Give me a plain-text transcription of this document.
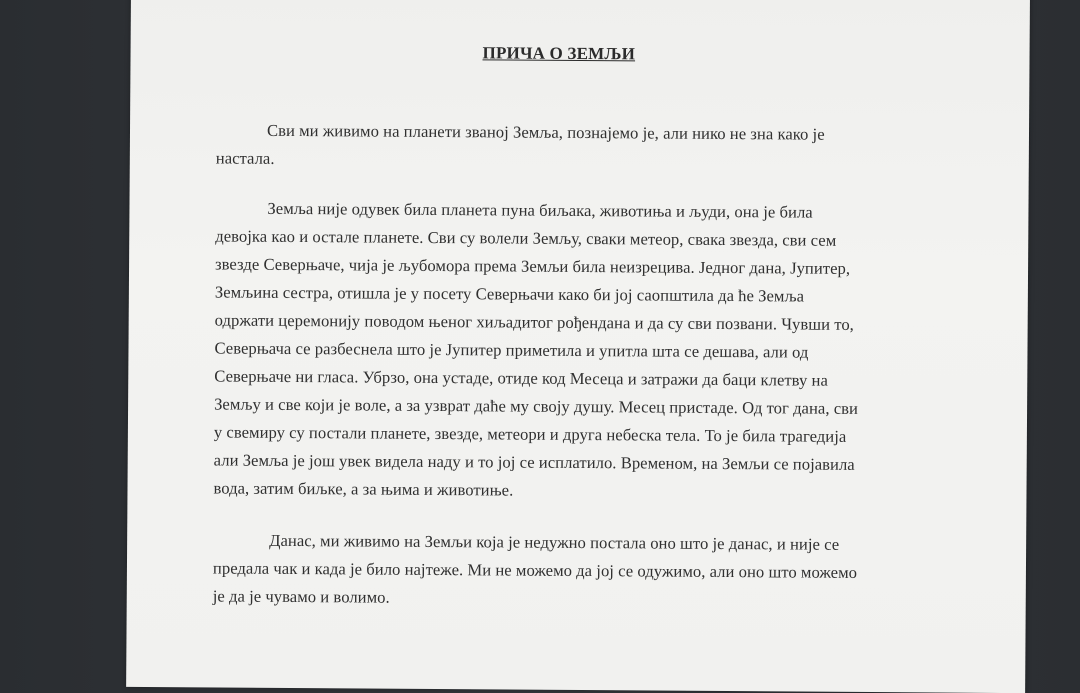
ПРИЧА О ЗЕМЉИ
Сви ми живимо на планети званој Земља, познајемо је, али нико не зна како је
настала.
Земља није одувек била планета пуна биљака, животиња и људи, она је била
девојка као и остале планете. Сви су волели Земљу, сваки метеор, свака звезда, сви сем
звезде Северњаче, чија је љубомора према Земљи била неизрецива. Једног дана, Јупитер,
Земљина сестра, отишла је у посету Северњачи како би јој саопштила да ће Земља
одржати церемонију поводом њеног хиљадитог рођендана и да су сви позвани. Чувши то,
Северњача се разбеснела што је Јупитер приметила и упитла шта се дешава, али од
Северњаче ни гласа. Убрзо, она устаде, отиде код Месеца и затражи да баци клетву на
Земљу и све који је воле, а за узврат даће му своју душу. Месец пристаде. Од тог дана, сви
у свемиру су постали планете, звезде, метеори и друга небеска тела. То је била трагедија
али Земља је још увек видела наду и то јој се исплатило. Временом, на Земљи се појавила
вода, затим биљке, а за њима и животиње.
Данас, ми живимо на Земљи која је недужно постала оно што је данас, и није се
предала чак и када је било најтеже. Ми не можемо да јој се одужимо, али оно што можемо
је да је чувамо и волимо.
